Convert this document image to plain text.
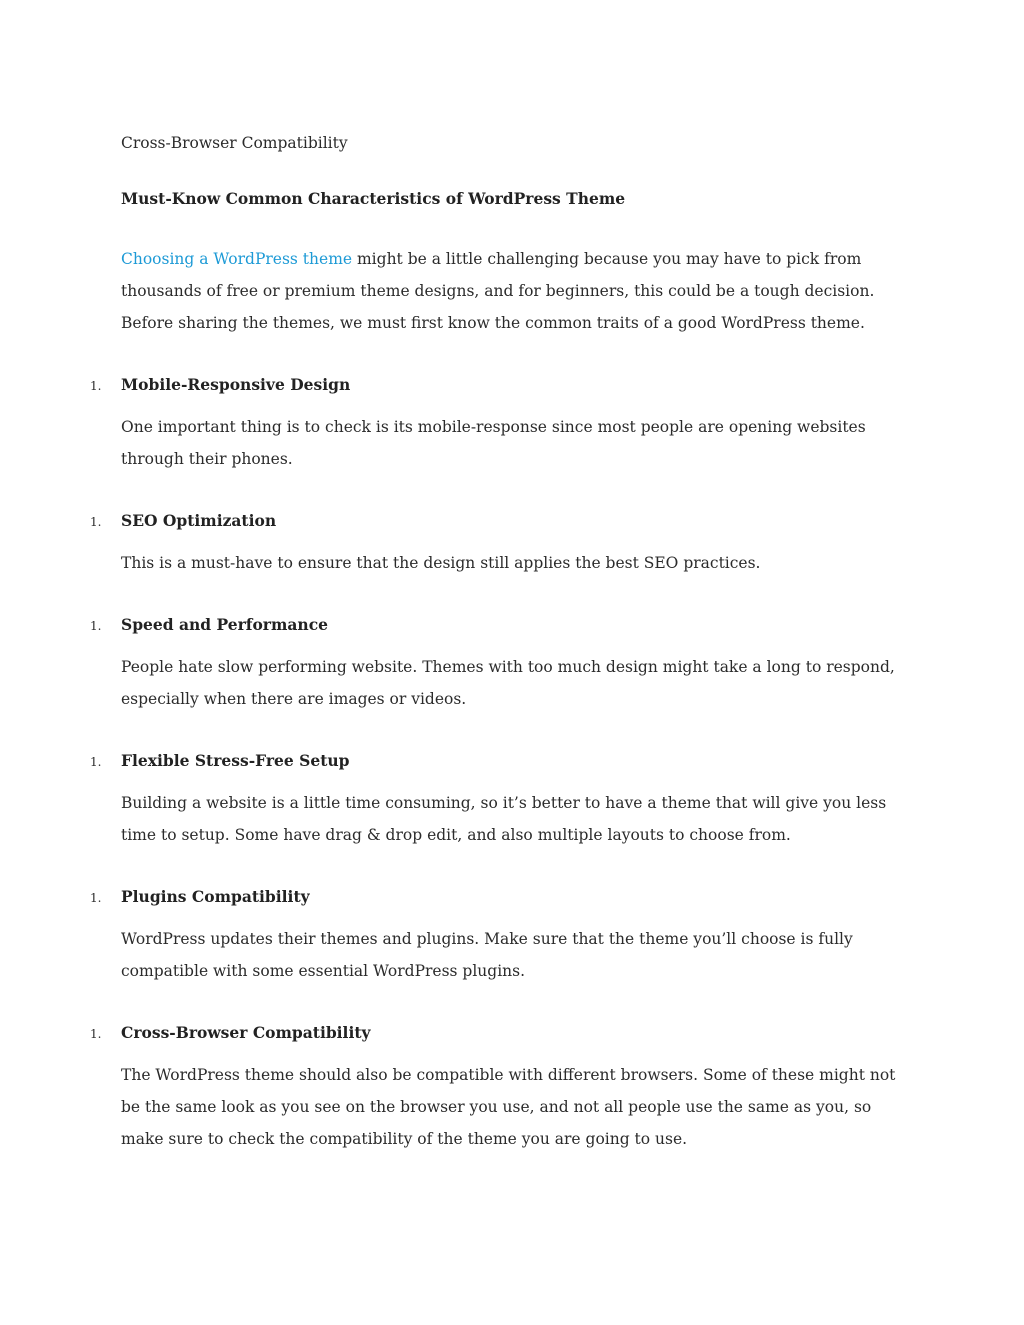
Cross-Browser Compatibility

Must-Know Common Characteristics of WordPress Theme

Choosing a WordPress theme might be a little challenging because you may have to pick from thousands of free or premium theme designs, and for beginners, this could be a tough decision. Before sharing the themes, we must first know the common traits of a good WordPress theme.

1. Mobile-Responsive Design

One important thing is to check is its mobile-response since most people are opening websites through their phones.

1. SEO Optimization

This is a must-have to ensure that the design still applies the best SEO practices.

1. Speed and Performance

People hate slow performing website. Themes with too much design might take a long to respond, especially when there are images or videos.

1. Flexible Stress-Free Setup

Building a website is a little time consuming, so it’s better to have a theme that will give you less time to setup. Some have drag & drop edit, and also multiple layouts to choose from.

1. Plugins Compatibility

WordPress updates their themes and plugins. Make sure that the theme you’ll choose is fully compatible with some essential WordPress plugins.

1. Cross-Browser Compatibility

The WordPress theme should also be compatible with different browsers. Some of these might not be the same look as you see on the browser you use, and not all people use the same as you, so make sure to check the compatibility of the theme you are going to use.
